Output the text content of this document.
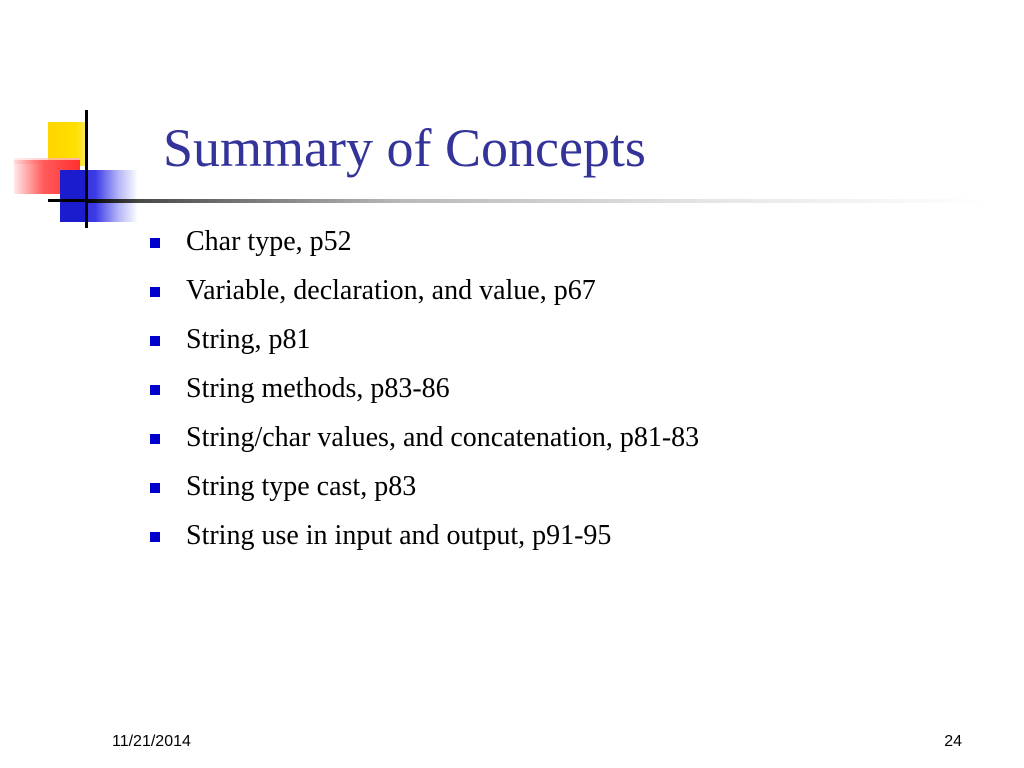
Summary of Concepts
Char type, p52
Variable, declaration, and value, p67
String, p81
String methods, p83-86
String/char values, and concatenation, p81-83
String type cast, p83
String use in input and output, p91-95
11/21/2014	24
